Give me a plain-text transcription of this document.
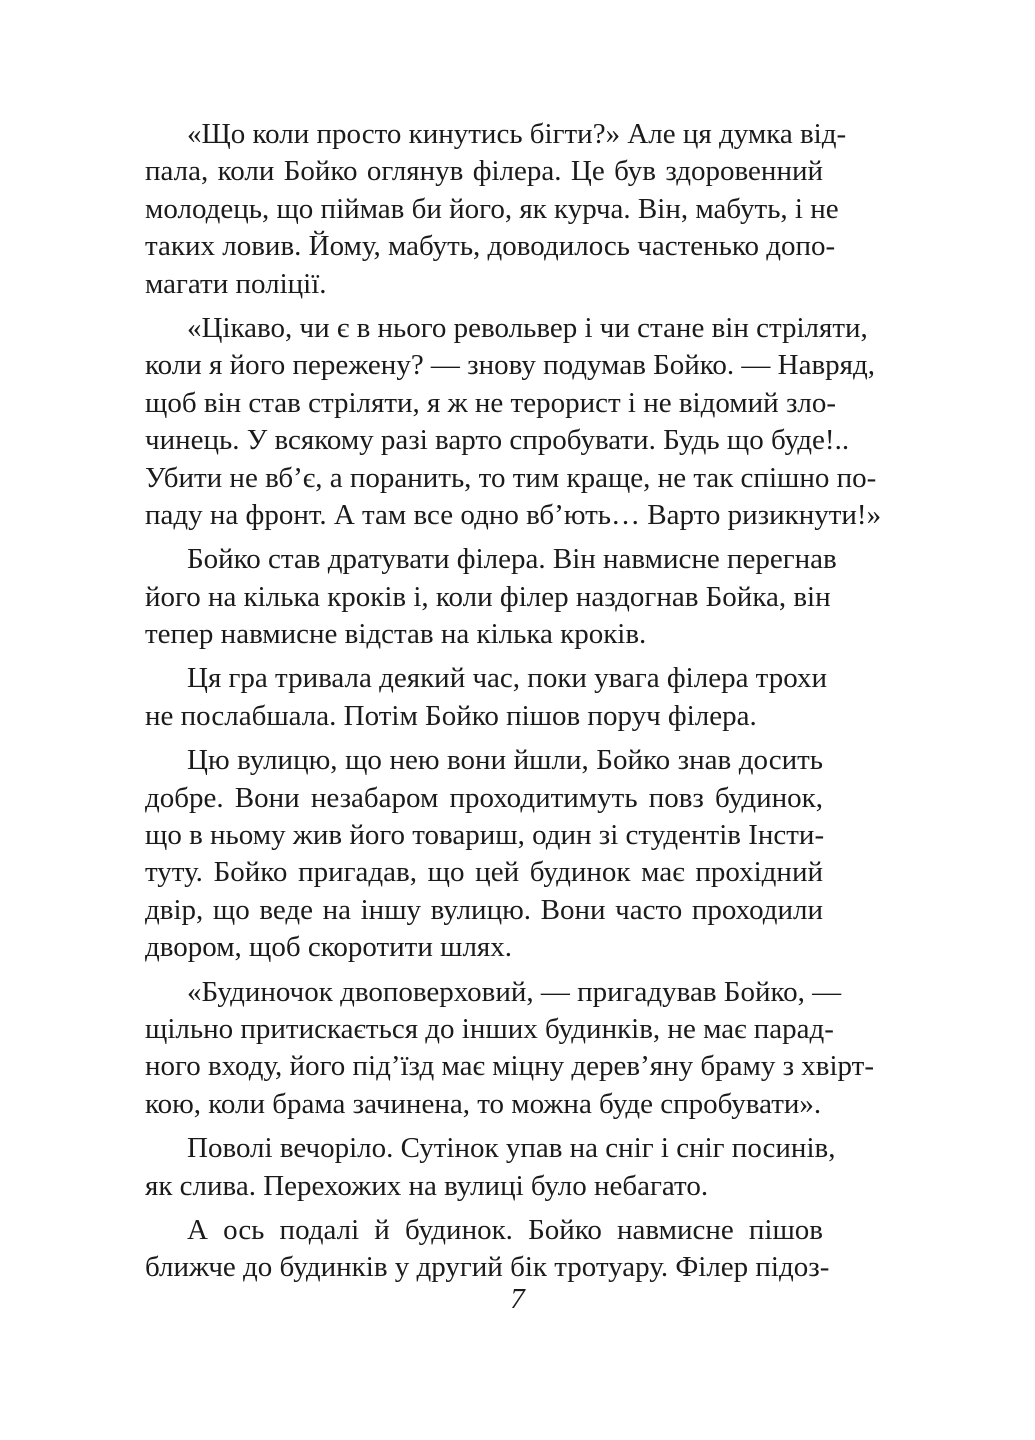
«Що коли просто кинутись бігти?» Але ця думка від-
пала, коли Бойко оглянув філера. Це був здоровенний
молодець, що піймав би його, як курча. Він, мабуть, і не
таких ловив. Йому, мабуть, доводилось частенько допо-
магати поліції.
«Цікаво, чи є в нього револьвер і чи стане він стріляти,
коли я його пережену? — знову подумав Бойко. — Навряд,
щоб він став стріляти, я ж не терорист і не відомий зло-
чинець. У всякому разі варто спробувати. Будь що буде!..
Убити не вб’є, а поранить, то тим краще, не так спішно по-
паду на фронт. А там все одно вб’ють… Варто ризикнути!»
Бойко став дратувати філера. Він навмисне перегнав
його на кілька кроків і, коли філер наздогнав Бойка, він
тепер навмисне відстав на кілька кроків.
Ця гра тривала деякий час, поки увага філера трохи
не послабшала. Потім Бойко пішов поруч філера.
Цю вулицю, що нею вони йшли, Бойко знав досить
добре. Вони незабаром проходитимуть повз будинок,
що в ньому жив його товариш, один зі студентів Інсти-
туту. Бойко пригадав, що цей будинок має прохідний
двір, що веде на іншу вулицю. Вони часто проходили
двором, щоб скоротити шлях.
«Будиночок двоповерховий, — пригадував Бойко, —
щільно притискається до інших будинків, не має парад-
ного входу, його під’їзд має міцну дерев’яну браму з хвірт-
кою, коли брама зачинена, то можна буде спробувати».
Поволі вечоріло. Сутінок упав на сніг і сніг посинів,
як слива. Перехожих на вулиці було небагато.
А ось подалі й будинок. Бойко навмисне пішов
ближче до будинків у другий бік тротуару. Філер підоз-
7
